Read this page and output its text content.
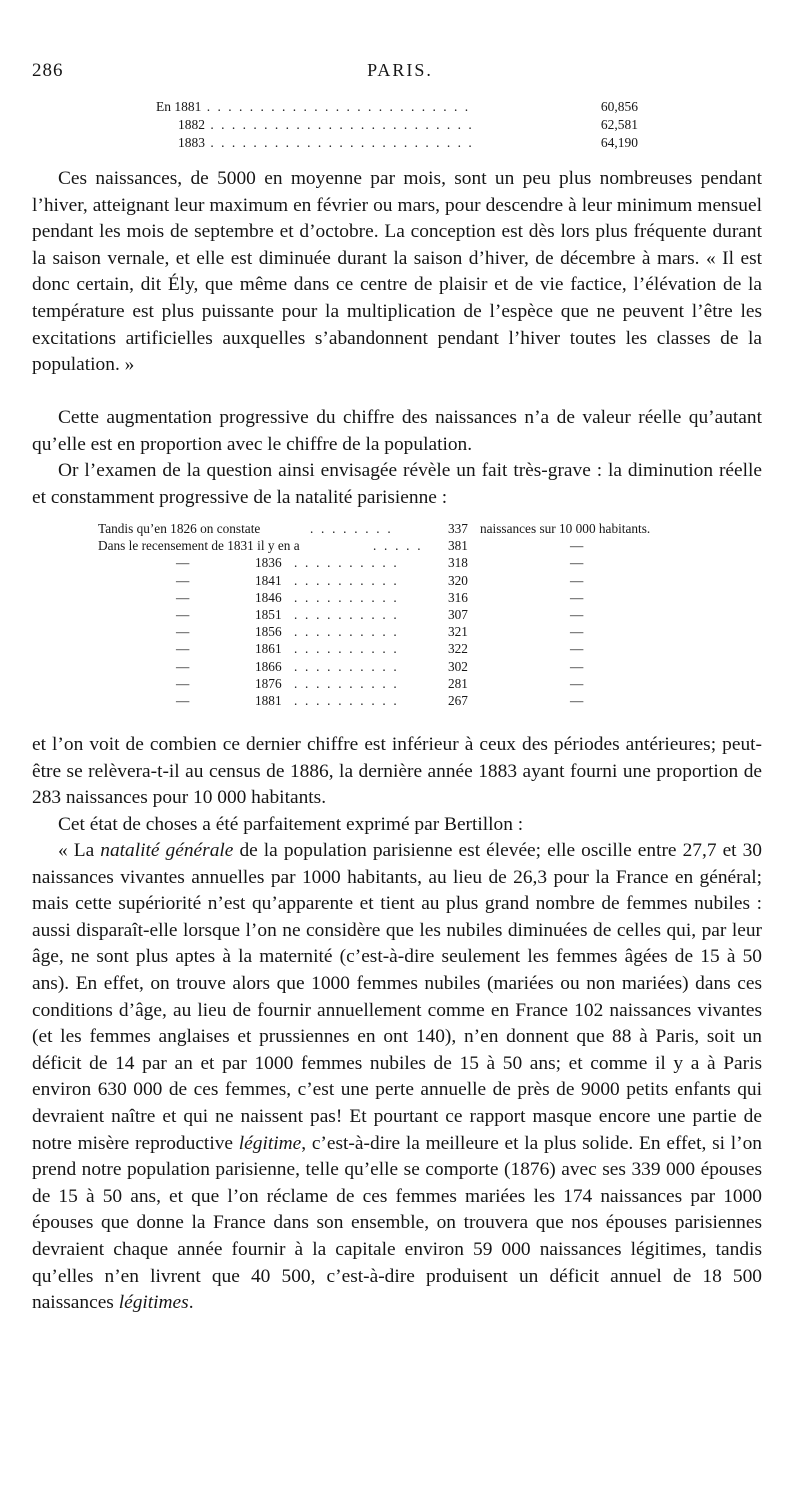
286	PARIS.
En 1881 . . . . . . . . . . . . . . . . . . . . . . . . .	60,856
1882 . . . . . . . . . . . . . . . . . . . . . . . . .	62,581
1883 . . . . . . . . . . . . . . . . . . . . . . . . .	64,190

Ces naissances, de 5000 en moyenne par mois, sont un peu plus nombreuses pendant l’hiver, atteignant leur maximum en février ou mars, pour descendre à leur minimum mensuel pendant les mois de septembre et d’octobre. La conception est dès lors plus fréquente durant la saison vernale, et elle est diminuée durant la saison d’hiver, de décembre à mars. « Il est donc certain, dit Ély, que même dans ce centre de plaisir et de vie factice, l’élévation de la température est plus puissante pour la multiplication de l’espèce que ne peuvent l’être les excitations artificielles auxquelles s’abandonnent pendant l’hiver toutes les classes de la population. »

Cette augmentation progressive du chiffre des naissances n’a de valeur réelle qu’autant qu’elle est en proportion avec le chiffre de la population.

Or l’examen de la question ainsi envisagée révèle un fait très-grave : la diminution réelle et constamment progressive de la natalité parisienne :

Tandis qu’en 1826 on constate	. . . . . . . .	337 naissances sur 10 000 habitants.
Dans le recensement de 1831 il y en a	. . . . . 381	—
—	1836 . . . . . . . . . .	318	—
—	1841 . . . . . . . . . .	320	—
—	1846 . . . . . . . . . .	316	—
—	1851 . . . . . . . . . .	307	—
—	1856 . . . . . . . . . .	321	—
—	1861 . . . . . . . . . .	322	—
—	1866 . . . . . . . . . .	302	—
—	1876 . . . . . . . . . .	281	—
—	1881 . . . . . . . . . .	267	—

et l’on voit de combien ce dernier chiffre est inférieur à ceux des périodes antérieures; peut-être se relèvera-t-il au census de 1886, la dernière année 1883 ayant fourni une proportion de 283 naissances pour 10 000 habitants.

Cet état de choses a été parfaitement exprimé par Bertillon :

« La natalité générale de la population parisienne est élevée; elle oscille entre 27,7 et 30 naissances vivantes annuelles par 1000 habitants, au lieu de 26,3 pour la France en général; mais cette supériorité n’est qu’apparente et tient au plus grand nombre de femmes nubiles : aussi disparaît-elle lorsque l’on ne considère que les nubiles diminuées de celles qui, par leur âge, ne sont plus aptes à la maternité (c’est-à-dire seulement les femmes âgées de 15 à 50 ans). En effet, on trouve alors que 1000 femmes nubiles (mariées ou non mariées) dans ces conditions d’âge, au lieu de fournir annuellement comme en France 102 naissances vivantes (et les femmes anglaises et prussiennes en ont 140), n’en donnent que 88 à Paris, soit un déficit de 14 par an et par 1000 femmes nubiles de 15 à 50 ans; et comme il y a à Paris environ 630 000 de ces femmes, c’est une perte annuelle de près de 9000 petits enfants qui devraient naître et qui ne naissent pas! Et pourtant ce rapport masque encore une partie de notre misère reproductive légitime, c’est-à-dire la meilleure et la plus solide. En effet, si l’on prend notre population parisienne, telle qu’elle se comporte (1876) avec ses 339 000 épouses de 15 à 50 ans, et que l’on réclame de ces femmes mariées les 174 naissances par 1000 épouses que donne la France dans son ensemble, on trouvera que nos épouses parisiennes devraient chaque année fournir à la capitale environ 59 000 naissances légitimes, tandis qu’elles n’en livrent que 40 500, c’est-à-dire produisent un déficit annuel de 18 500 naissances légitimes.
